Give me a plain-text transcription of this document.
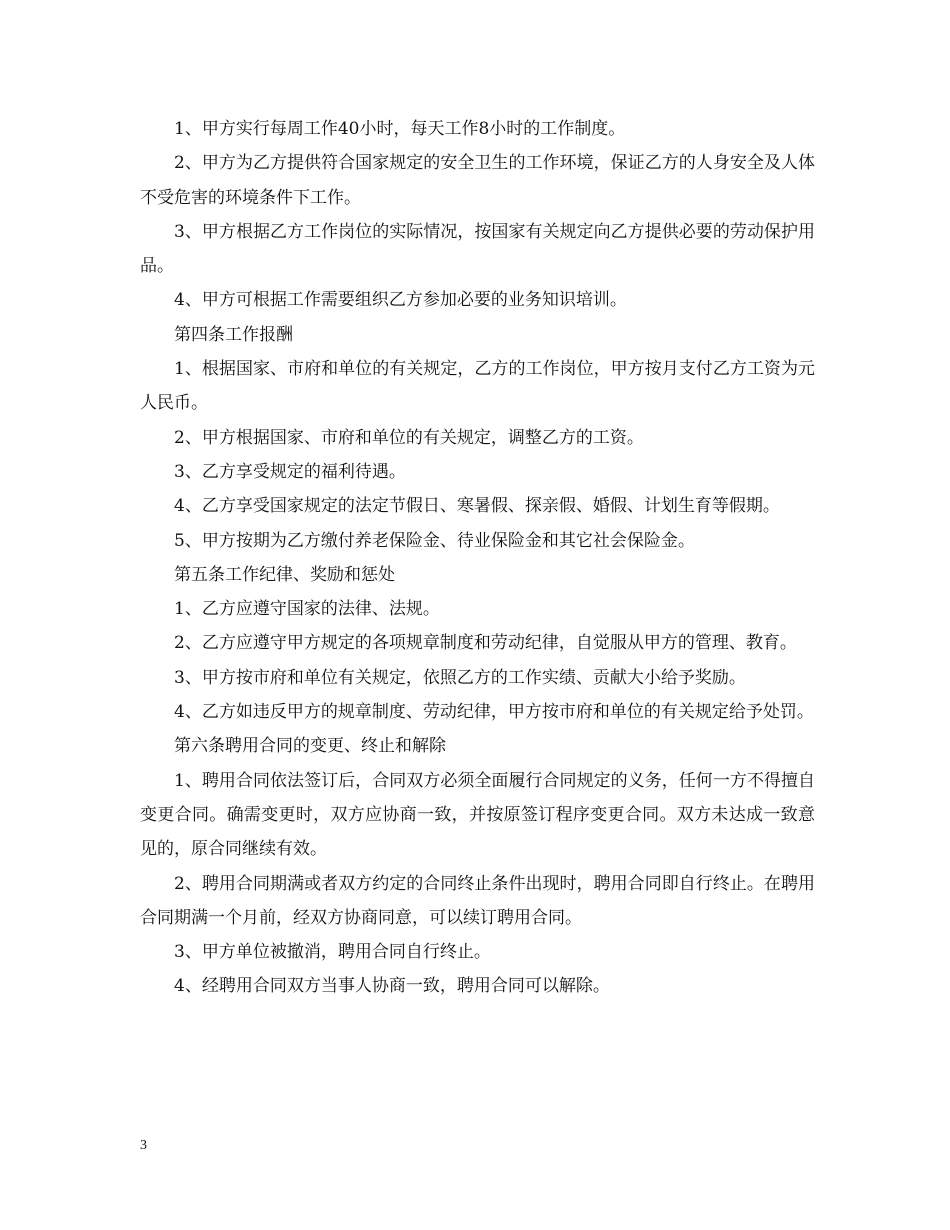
1、甲方实行每周工作40小时，每天工作8小时的工作制度。

2、甲方为乙方提供符合国家规定的安全卫生的工作环境，保证乙方的人身安全及人体不受危害的环境条件下工作。

3、甲方根据乙方工作岗位的实际情况，按国家有关规定向乙方提供必要的劳动保护用品。

4、甲方可根据工作需要组织乙方参加必要的业务知识培训。

第四条工作报酬

1、根据国家、市府和单位的有关规定，乙方的工作岗位，甲方按月支付乙方工资为元人民币。

2、甲方根据国家、市府和单位的有关规定，调整乙方的工资。

3、乙方享受规定的福利待遇。

4、乙方享受国家规定的法定节假日、寒暑假、探亲假、婚假、计划生育等假期。

5、甲方按期为乙方缴付养老保险金、待业保险金和其它社会保险金。

第五条工作纪律、奖励和惩处

1、乙方应遵守国家的法律、法规。

2、乙方应遵守甲方规定的各项规章制度和劳动纪律，自觉服从甲方的管理、教育。

3、甲方按市府和单位有关规定，依照乙方的工作实绩、贡献大小给予奖励。

4、乙方如违反甲方的规章制度、劳动纪律，甲方按市府和单位的有关规定给予处罚。

第六条聘用合同的变更、终止和解除

1、聘用合同依法签订后，合同双方必须全面履行合同规定的义务，任何一方不得擅自变更合同。确需变更时，双方应协商一致，并按原签订程序变更合同。双方未达成一致意见的，原合同继续有效。

2、聘用合同期满或者双方约定的合同终止条件出现时，聘用合同即自行终止。在聘用合同期满一个月前，经双方协商同意，可以续订聘用合同。

3、甲方单位被撤消，聘用合同自行终止。

4、经聘用合同双方当事人协商一致，聘用合同可以解除。

3
